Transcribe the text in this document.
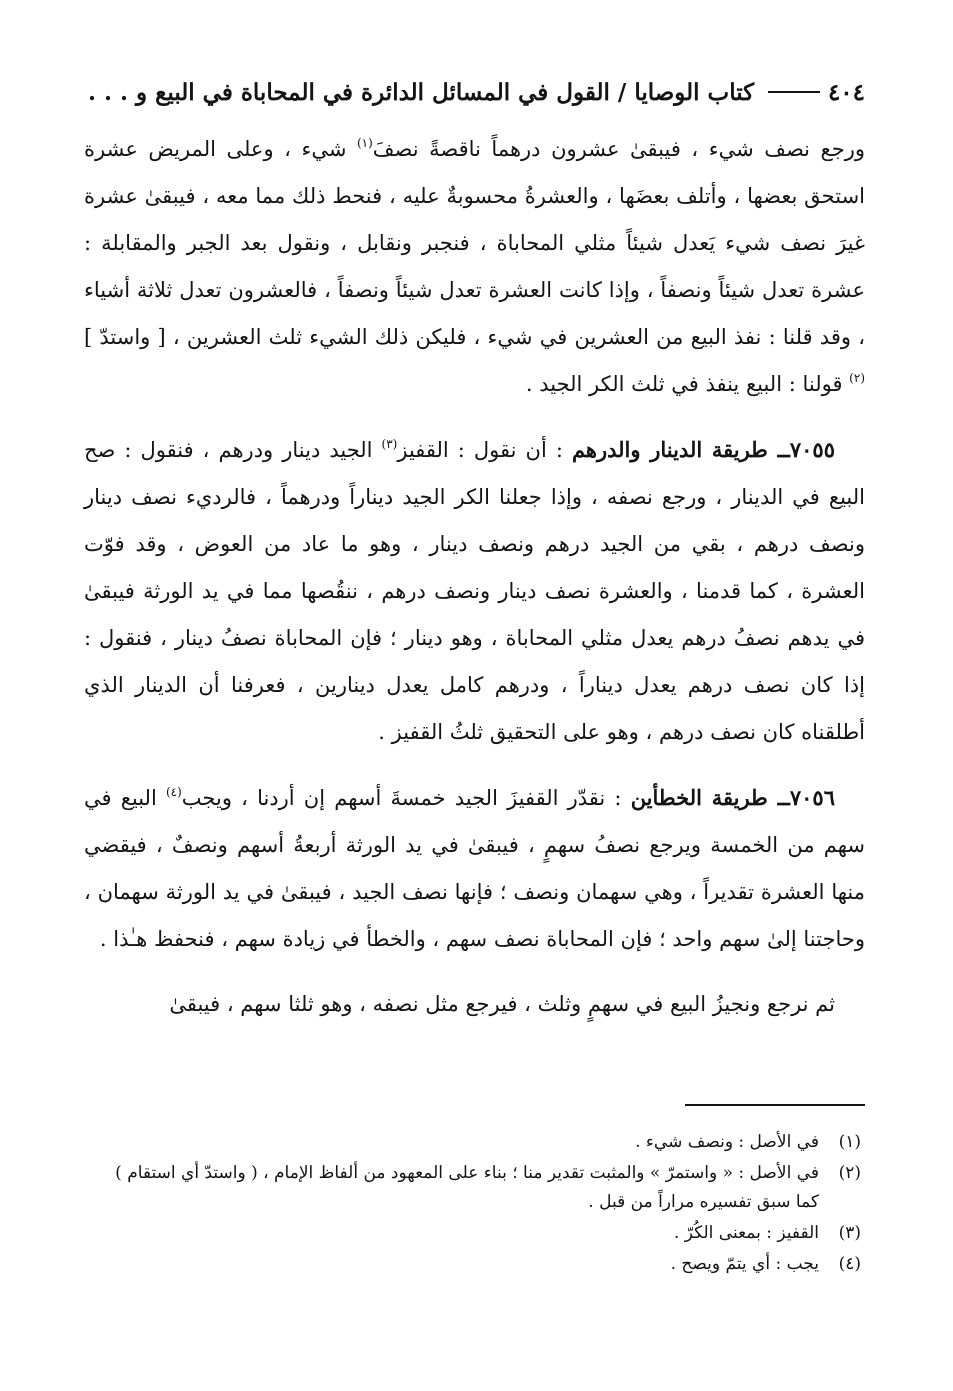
٤٠٤
كتاب الوصايا / القول في المسائل الدائرة في المحاباة في البيع و . . .

ورجع نصف شيء ، فيبقىٰ عشرون درهماً ناقصةً نصفَ$^{(١)}$ شيء ، وعلى المريض عشرة استحق بعضها ، وأتلف بعضَها ، والعشرةُ محسوبةٌ عليه ، فنحط ذلك مما معه ، فيبقىٰ عشرة غيرَ نصف شيء يَعدل شيئاً مثلي المحاباة ، فنجبر ونقابل ، ونقول بعد الجبر والمقابلة : عشرة تعدل شيئاً ونصفاً ، وإذا كانت العشرة تعدل شيئاً ونصفاً ، فالعشرون تعدل ثلاثة أشياء ، وقد قلنا : نفذ البيع من العشرين في شيء ، فليكن ذلك الشيء ثلث العشرين ، [ واستدّ ]$^{(٢)}$ قولنا : البيع ينفذ في ثلث الكر الجيد .

٧٠٥٥ــ طريقة الدينار والدرهم : أن نقول : القفيز$^{(٣)}$ الجيد دينار ودرهم ، فنقول : صح البيع في الدينار ، ورجع نصفه ، وإذا جعلنا الكر الجيد ديناراً ودرهماً ، فالرديء نصف دينار ونصف درهم ، بقي من الجيد درهم ونصف دينار ، وهو ما عاد من العوض ، وقد فوّت العشرة ، كما قدمنا ، والعشرة نصف دينار ونصف درهم ، ننقُصها مما في يد الورثة فيبقىٰ في يدهم نصفُ درهم يعدل مثلي المحاباة ، وهو دينار ؛ فإن المحاباة نصفُ دينار ، فنقول : إذا كان نصف درهم يعدل ديناراً ، ودرهم كامل يعدل دينارين ، فعرفنا أن الدينار الذي أطلقناه كان نصف درهم ، وهو على التحقيق ثلثُ القفيز .

٧٠٥٦ــ طريقة الخطأين : نقدّر القفيزَ الجيد خمسةَ أسهم إن أردنا ، ويجب$^{(٤)}$ البيع في سهم من الخمسة ويرجع نصفُ سهمٍ ، فيبقىٰ في يد الورثة أربعةُ أسهم ونصفٌ ، فيقضي منها العشرة تقديراً ، وهي سهمان ونصف ؛ فإنها نصف الجيد ، فيبقىٰ في يد الورثة سهمان ، وحاجتنا إلىٰ سهم واحد ؛ فإن المحاباة نصف سهم ، والخطأ في زيادة سهم ، فنحفظ هـٰذا .

ثم نرجع ونجيزُ البيع في سهمٍ وثلث ، فيرجع مثل نصفه ، وهو ثلثا سهم ، فيبقىٰ

(١)
في الأصل : ونصف شيء .
(٢)
في الأصل : « واستمرّ » والمثبت تقدير منا ؛ بناء على المعهود من ألفاظ الإمام ، ( واستدّ أي استقام ) كما سبق تفسيره مراراً من قبل .
(٣)
القفيز : بمعنى الكُرّ .
(٤)
يجب : أي يتمّ ويصح .
